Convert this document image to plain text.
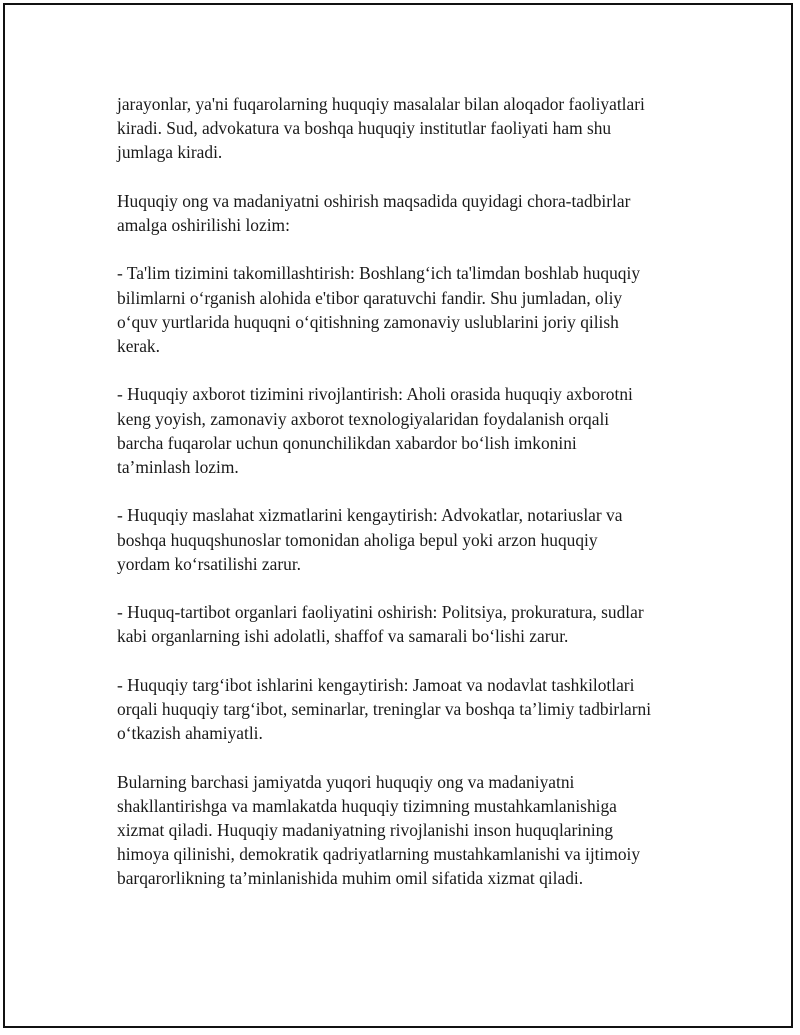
jarayonlar, ya'ni fuqarolarning huquqiy masalalar bilan aloqador faoliyatlari
kiradi. Sud, advokatura va boshqa huquqiy institutlar faoliyati ham shu
jumlaga kiradi.

Huquqiy ong va madaniyatni oshirish maqsadida quyidagi chora-tadbirlar
amalga oshirilishi lozim:

- Ta'lim tizimini takomillashtirish: Boshlang‘ich ta'limdan boshlab huquqiy
bilimlarni o‘rganish alohida e'tibor qaratuvchi fandir. Shu jumladan, oliy
o‘quv yurtlarida huquqni o‘qitishning zamonaviy uslublarini joriy qilish
kerak.

- Huquqiy axborot tizimini rivojlantirish: Aholi orasida huquqiy axborotni
keng yoyish, zamonaviy axborot texnologiyalaridan foydalanish orqali
barcha fuqarolar uchun qonunchilikdan xabardor bo‘lish imkonini
ta’minlash lozim.

- Huquqiy maslahat xizmatlarini kengaytirish: Advokatlar, notariuslar va
boshqa huquqshunoslar tomonidan aholiga bepul yoki arzon huquqiy
yordam ko‘rsatilishi zarur.

- Huquq-tartibot organlari faoliyatini oshirish: Politsiya, prokuratura, sudlar
kabi organlarning ishi adolatli, shaffof va samarali bo‘lishi zarur.

- Huquqiy targ‘ibot ishlarini kengaytirish: Jamoat va nodavlat tashkilotlari
orqali huquqiy targ‘ibot, seminarlar, treninglar va boshqa ta’limiy tadbirlarni
o‘tkazish ahamiyatli.

Bularning barchasi jamiyatda yuqori huquqiy ong va madaniyatni
shakllantirishga va mamlakatda huquqiy tizimning mustahkamlanishiga
xizmat qiladi. Huquqiy madaniyatning rivojlanishi inson huquqlarining
himoya qilinishi, demokratik qadriyatlarning mustahkamlanishi va ijtimoiy
barqarorlikning ta’minlanishida muhim omil sifatida xizmat qiladi.
